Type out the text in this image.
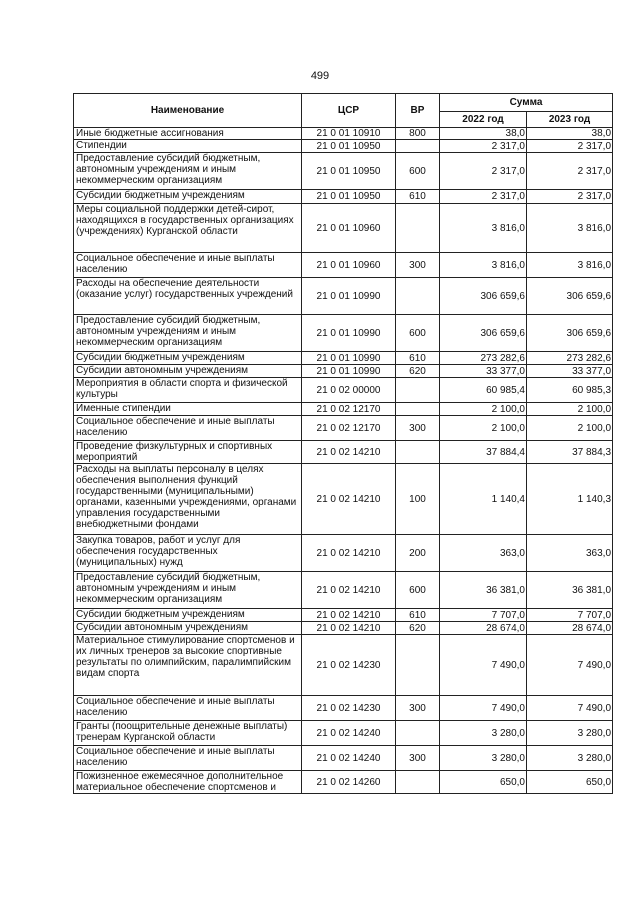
499
Наименование	ЦСР	ВР	Сумма	
			2022 год	2023 год
Иные бюджетные ассигнования	21 0 01 10910	800	38,0	38,0
Стипендии	21 0 01 10950		2 317,0	2 317,0
Предоставление субсидий бюджетным, автономным учреждениям и иным некоммерческим организациям	21 0 01 10950	600	2 317,0	2 317,0
Субсидии бюджетным учреждениям	21 0 01 10950	610	2 317,0	2 317,0
Меры социальной поддержки детей-сирот, находящихся в государственных организациях (учреждениях) Курганской области	21 0 01 10960		3 816,0	3 816,0
Социальное обеспечение и иные выплаты населению	21 0 01 10960	300	3 816,0	3 816,0
Расходы на обеспечение деятельности (оказание услуг) государственных учреждений	21 0 01 10990		306 659,6	306 659,6
Предоставление субсидий бюджетным, автономным учреждениям и иным некоммерческим организациям	21 0 01 10990	600	306 659,6	306 659,6
Субсидии бюджетным учреждениям	21 0 01 10990	610	273 282,6	273 282,6
Субсидии автономным учреждениям	21 0 01 10990	620	33 377,0	33 377,0
Мероприятия в области спорта и физической культуры	21 0 02 00000		60 985,4	60 985,3
Именные стипендии	21 0 02 12170		2 100,0	2 100,0
Социальное обеспечение и иные выплаты населению	21 0 02 12170	300	2 100,0	2 100,0
Проведение физкультурных и спортивных мероприятий	21 0 02 14210		37 884,4	37 884,3
Расходы на выплаты персоналу в целях обеспечения выполнения функций государственными (муниципальными) органами, казенными учреждениями, органами управления государственными внебюджетными фондами	21 0 02 14210	100	1 140,4	1 140,3
Закупка товаров, работ и услуг для обеспечения государственных (муниципальных) нужд	21 0 02 14210	200	363,0	363,0
Предоставление субсидий бюджетным, автономным учреждениям и иным некоммерческим организациям	21 0 02 14210	600	36 381,0	36 381,0
Субсидии бюджетным учреждениям	21 0 02 14210	610	7 707,0	7 707,0
Субсидии автономным учреждениям	21 0 02 14210	620	28 674,0	28 674,0
Материальное стимулирование спортсменов и их личных тренеров за высокие спортивные результаты по олимпийским, паралимпийским видам спорта	21 0 02 14230		7 490,0	7 490,0
Социальное обеспечение и иные выплаты населению	21 0 02 14230	300	7 490,0	7 490,0
Гранты (поощрительные денежные выплаты) тренерам Курганской области	21 0 02 14240		3 280,0	3 280,0
Социальное обеспечение и иные выплаты населению	21 0 02 14240	300	3 280,0	3 280,0
Пожизненное ежемесячное дополнительное материальное обеспечение спортсменов и	21 0 02 14260		650,0	650,0
